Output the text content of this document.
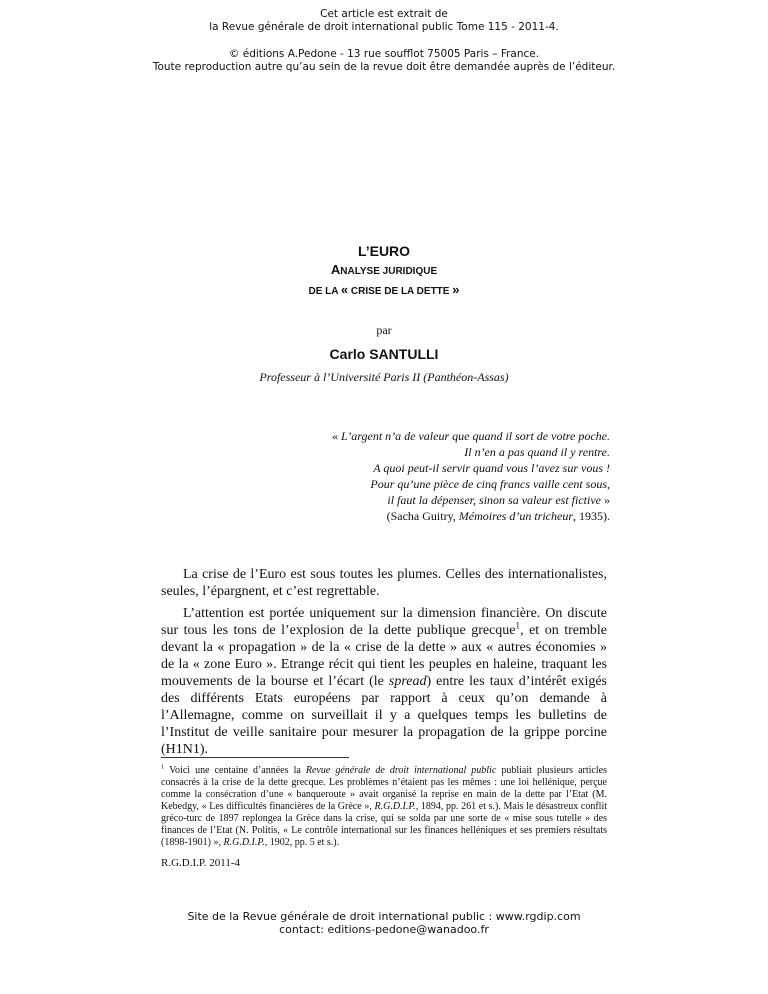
Cet article est extrait de
la Revue générale de droit international public Tome 115 - 2011-4.
© éditions A.Pedone - 13 rue soufflot 75005 Paris – France.
Toute reproduction autre qu’au sein de la revue doit être demandée auprès de l’éditeur.
L’EURO
ANALYSE JURIDIQUE
DE LA « CRISE DE LA DETTE »
par
Carlo SANTULLI
Professeur à l’Université Paris II (Panthéon-Assas)
« L’argent n’a de valeur que quand il sort de votre poche.
Il n’en a pas quand il y rentre.
A quoi peut-il servir quand vous l’avez sur vous !
Pour qu’une pièce de cinq francs vaille cent sous,
il faut la dépenser, sinon sa valeur est fictive »
(Sacha Guitry, Mémoires d’un tricheur, 1935).

La crise de l’Euro est sous toutes les plumes. Celles des internationalistes, seules, l’épargnent, et c’est regrettable.

L’attention est portée uniquement sur la dimension financière. On discute sur tous les tons de l’explosion de la dette publique grecque$^1$, et on tremble devant la « propagation » de la « crise de la dette » aux « autres économies » de la « zone Euro ». Etrange récit qui tient les peuples en haleine, traquant les mouvements de la bourse et l’écart (le spread) entre les taux d’intérêt exigés des différents Etats européens par rapport à ceux qu’on demande à l’Allemagne, comme on surveillait il y a quelques temps les bulletins de l’Institut de veille sanitaire pour mesurer la propagation de la grippe porcine (H1N1).

$^1$ Voici une centaine d’années la Revue générale de droit international public publiait plusieurs articles consacrés à la crise de la dette grecque. Les problèmes n’étaient pas les mêmes : une loi hellénique, perçue comme la consécration d’une « banqueroute » avait organisé la reprise en main de la dette par l’Etat (M. Kebedgy, « Les difficultés financières de la Grèce », R.G.D.I.P., 1894, pp. 261 et s.). Mais le désastreux conflit gréco-turc de 1897 replongea la Grèce dans la crise, qui se solda par une sorte de « mise sous tutelle » des finances de l’Etat (N. Politis, « Le contrôle international sur les finances helléniques et ses premiers résultats (1898-1901) », R.G.D.I.P., 1902, pp. 5 et s.).
R.G.D.I.P. 2011-4
Site de la Revue générale de droit international public : www.rgdip.com
contact: editions-pedone@wanadoo.fr
